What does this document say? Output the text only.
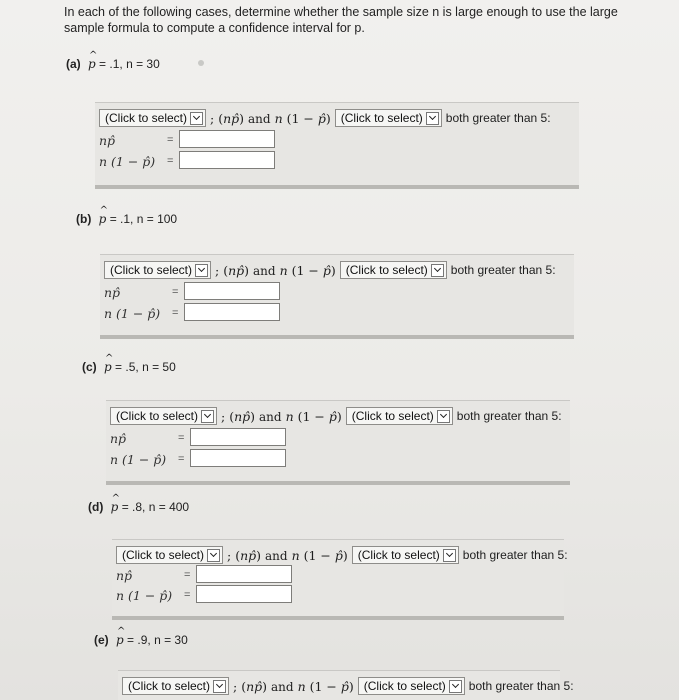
In each of the following cases, determine whether the sample size n is large enough to use the large
sample formula to compute a confidence interval for p.
(a) ^ p = .1, n = 30
(Click to select) ; (np̂) and n (1 − p̂) (Click to select) both greater than 5:
np̂	=
n (1 − p̂) =
(b) ^ p = .1, n = 100
(Click to select) ; (np̂) and n (1 − p̂) (Click to select) both greater than 5:
np̂	=
n (1 − p̂) =
(c) ^ p = .5, n = 50
(Click to select) ; (np̂) and n (1 − p̂) (Click to select) both greater than 5:
np̂	=
n (1 − p̂) =
(d) ^ p = .8, n = 400
(Click to select) ; (np̂) and n (1 − p̂) (Click to select) both greater than 5:
np̂	=
n (1 − p̂) =
(e) ^ p = .9, n = 30
(Click to select) ; (np̂) and n (1 − p̂) (Click to select) both greater than 5:
